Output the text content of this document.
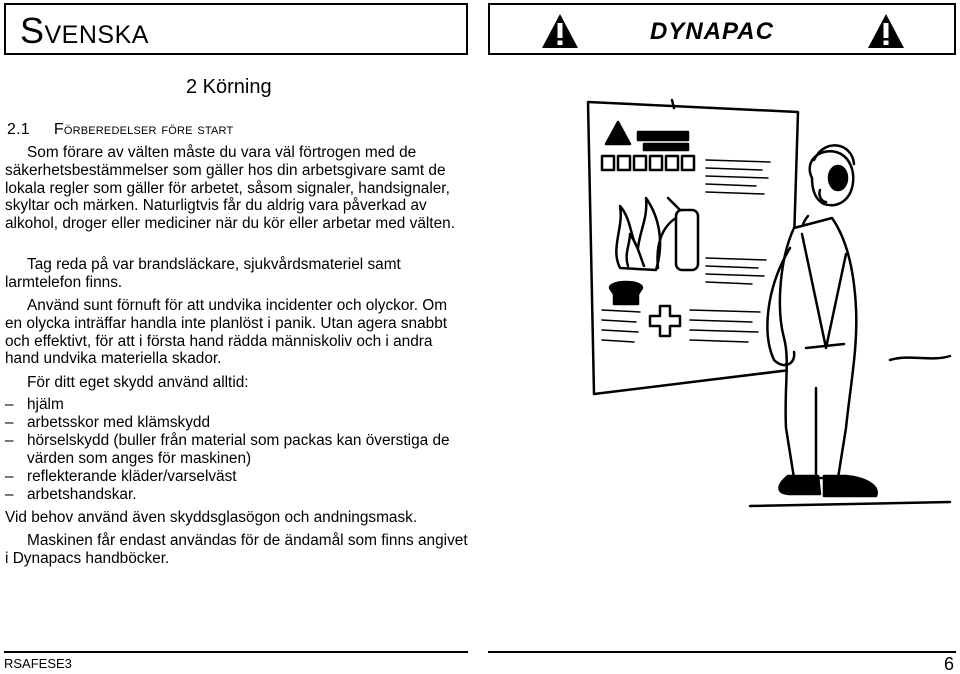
Svenska	DYNAPAC
2 Körning
2.1 Förberedelser före start

Som förare av välten måste du vara väl förtrogen med de säkerhetsbestämmelser som gäller hos din arbetsgivare samt de lokala regler som gäller för arbetet, såsom signaler, handsignaler, skyltar och märken. Naturligtvis får du aldrig vara påverkad av alkohol, droger eller mediciner när du kör eller arbetar med välten.

Tag reda på var brandsläckare, sjukvårdsmateriel samt larmtelefon finns.

Använd sunt förnuft för att undvika incidenter och olyckor. Om en olycka inträffar handla inte planlöst i panik. Utan agera snabbt och effektivt, för att i första hand rädda människoliv och i andra hand undvika materiella skador.

För ditt eget skydd använd alltid:

– hjälm
– arbetsskor med klämskydd
– hörselskydd (buller från material som packas kan överstiga de värden som anges för maskinen)
– reflekterande kläder/varselväst
– arbetshandskar.

Vid behov använd även skyddsglasögon och andningsmask.

Maskinen får endast användas för de ändamål som finns angivet i Dynapacs handböcker.

RSAFESE3	6
